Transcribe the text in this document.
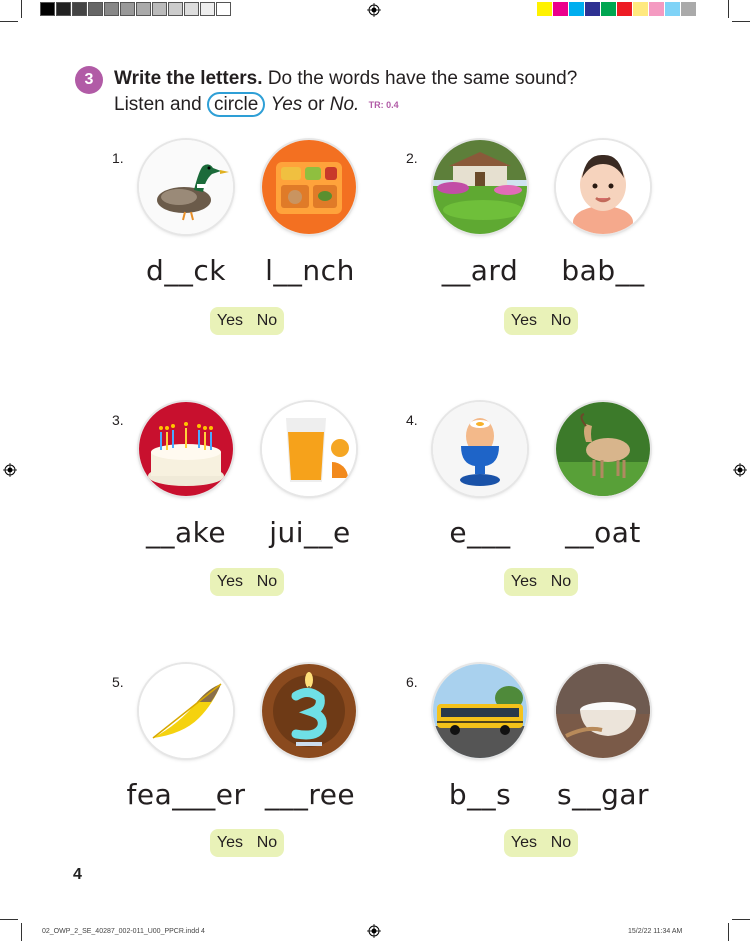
3	Write the letters. Do the words have the same sound?
Listen and circle Yes or No. TR: 0.4
1.
d__ck	l__nch
Yes No
2.
__ard	bab__
Yes No
3.
__ake	jui__e
Yes No
4.
e___	__oat
Yes No
5.
fea___er ___ree
Yes No
6.
b__s	s__gar
Yes No
4
02_OWP_2_SE_40287_002-011_U00_PPCR.indd 4	15/2/22 11:34 AM
